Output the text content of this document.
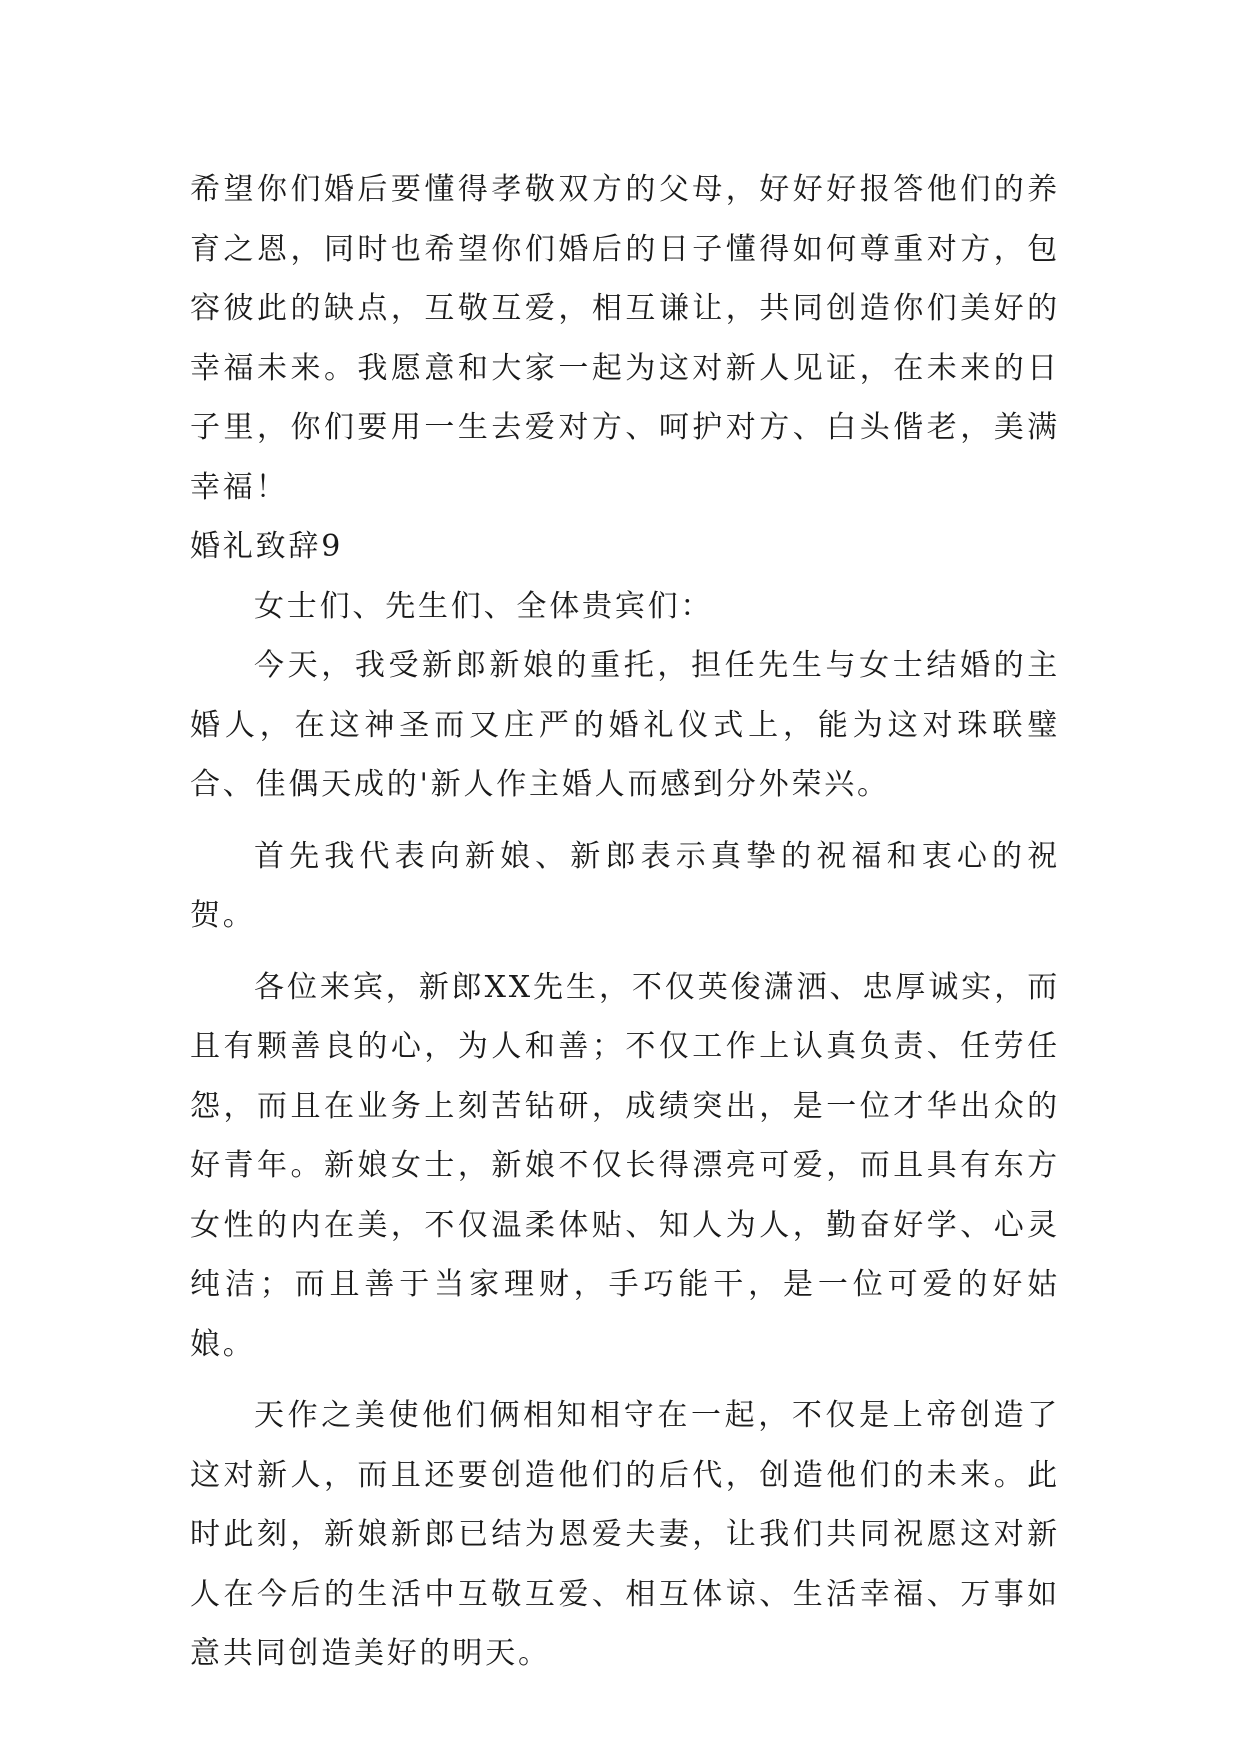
希望你们婚后要懂得孝敬双方的父母，好好好报答他们的养育之恩，同时也希望你们婚后的日子懂得如何尊重对方，包容彼此的缺点，互敬互爱，相互谦让，共同创造你们美好的幸福未来。我愿意和大家一起为这对新人见证，在未来的日子里，你们要用一生去爱对方、呵护对方、白头偕老，美满幸福！

婚礼致辞9

女士们、先生们、全体贵宾们：

今天，我受新郎新娘的重托，担任先生与女士结婚的主婚人，在这神圣而又庄严的婚礼仪式上，能为这对珠联璧合、佳偶天成的'新人作主婚人而感到分外荣兴。

首先我代表向新娘、新郎表示真挚的祝福和衷心的祝贺。

各位来宾，新郎XX先生，不仅英俊潇洒、忠厚诚实，而且有颗善良的心，为人和善；不仅工作上认真负责、任劳任怨，而且在业务上刻苦钻研，成绩突出，是一位才华出众的好青年。新娘女士，新娘不仅长得漂亮可爱，而且具有东方女性的内在美，不仅温柔体贴、知人为人，勤奋好学、心灵纯洁；而且善于当家理财，手巧能干，是一位可爱的好姑娘。

天作之美使他们俩相知相守在一起，不仅是上帝创造了这对新人，而且还要创造他们的后代，创造他们的未来。此时此刻，新娘新郎已结为恩爱夫妻，让我们共同祝愿这对新人在今后的生活中互敬互爱、相互体谅、生活幸福、万事如意共同创造美好的明天。
